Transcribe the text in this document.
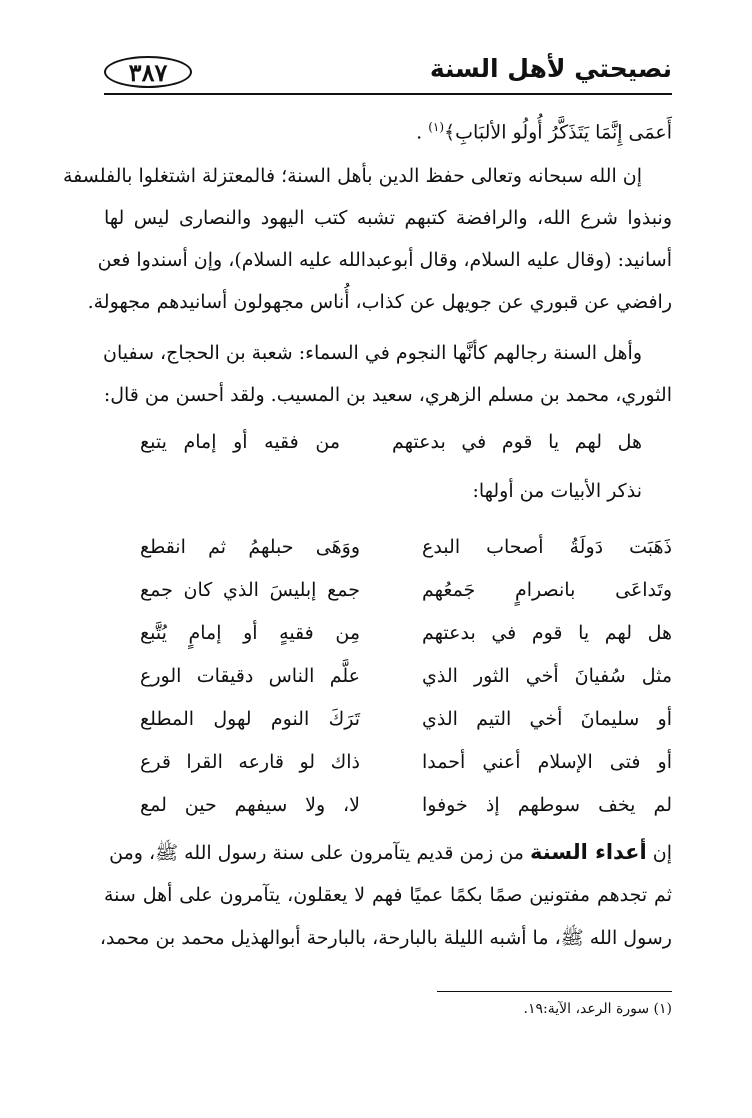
نصيحتي لأهل السنة
٣٨٧
أَعمَى إِنَّمَا يَتَذَكَّرُ أُولُو الألبَابِ﴾$^{(١)}$ .
إن الله سبحانه وتعالى حفظ الدين بأهل السنة؛ فالمعتزلة اشتغلوا بالفلسفة
ونبذوا شرع الله، والرافضة كتبهم تشبه كتب اليهود والنصارى ليس لها
أسانيد: (وقال عليه السلام، وقال أبوعبدالله عليه السلام)، وإن أسندوا فعن
رافضي عن قبوري عن جويهل عن كذاب، أُناس مجهولون أسانيدهم مجهولة.
وأهل السنة رجالهم كأنَّها النجوم في السماء: شعبة بن الحجاج، سفيان
الثوري، محمد بن مسلم الزهري، سعيد بن المسيب. ولقد أحسن من قال:
هل لهم يا قوم في بدعتهم
من فقيه أو إمام يتبع
نذكر الأبيات من أولها:
ذَهَبَت دَولَةُ أصحاب البدع
ووَهَى حبلهمُ ثم انقطع
وتَداعَى بانصرامٍ جَمعُهم
جمع إبليسَ الذي كان جمع
هل لهم يا قوم في بدعتهم
مِن فقيهٍ أو إمامٍ يُتَّبع
مثل سُفيانَ أخي الثور الذي
علَّم الناس دقيقات الورع
أو سليمانَ أخي التيم الذي
تَرَكَ النوم لهول المطلع
أو فتى الإسلام أعني أحمدا
ذاك لو قارعه القرا قرع
لم يخف سوطهم إذ خوفوا
لا، ولا سيفهم حين لمع
إن أعداء السنة من زمن قديم يتآمرون على سنة رسول الله ﷺ، ومن
ثم تجدهم مفتونين صمًا بكمًا عميًا فهم لا يعقلون، يتآمرون على أهل سنة
رسول الله ﷺ، ما أشبه الليلة بالبارحة، بالبارحة أبوالهذيل محمد بن محمد،
(١) سورة الرعد، الآية:١٩.
